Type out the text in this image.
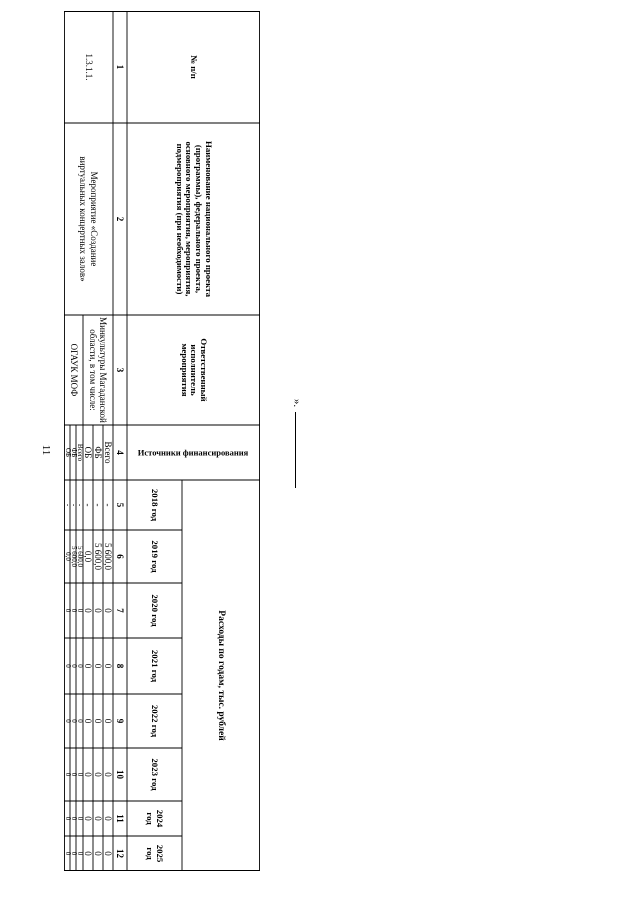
11
№ п/п
Наименование национального проекта (программы), федерального проекта, основного мероприятия, мероприятия, подмероприятия (при необходимости)
Ответственный исполнитель мероприятия
Источники финансирования
Расходы по годам, тыс. рублей
2018 год
2019 год
2020 год
2021 год
2022 год
2023 год
2024 год
2025 год
1
2
3
4
5
6
7
8
9
10
11
12
1.3.1.1.
Мероприятие «Создание виртуальных концертных залов»
Минкультуры Магаданской области, в том числе:
ОГАУК МОФ
Всего
-
5 600,0
0
0
0
0
0
0
ФБ
-
5 600,0
0
0
0
0
0
0
ОБ
-
0,0
0
0
0
0
0
0
Всего
-
5 600,0
0
0
0
0
0
0
ФБ
-
5 600,0
0
0
0
0
0
0
ОБ
-
0,0
0
0
0
0
0
0
».
